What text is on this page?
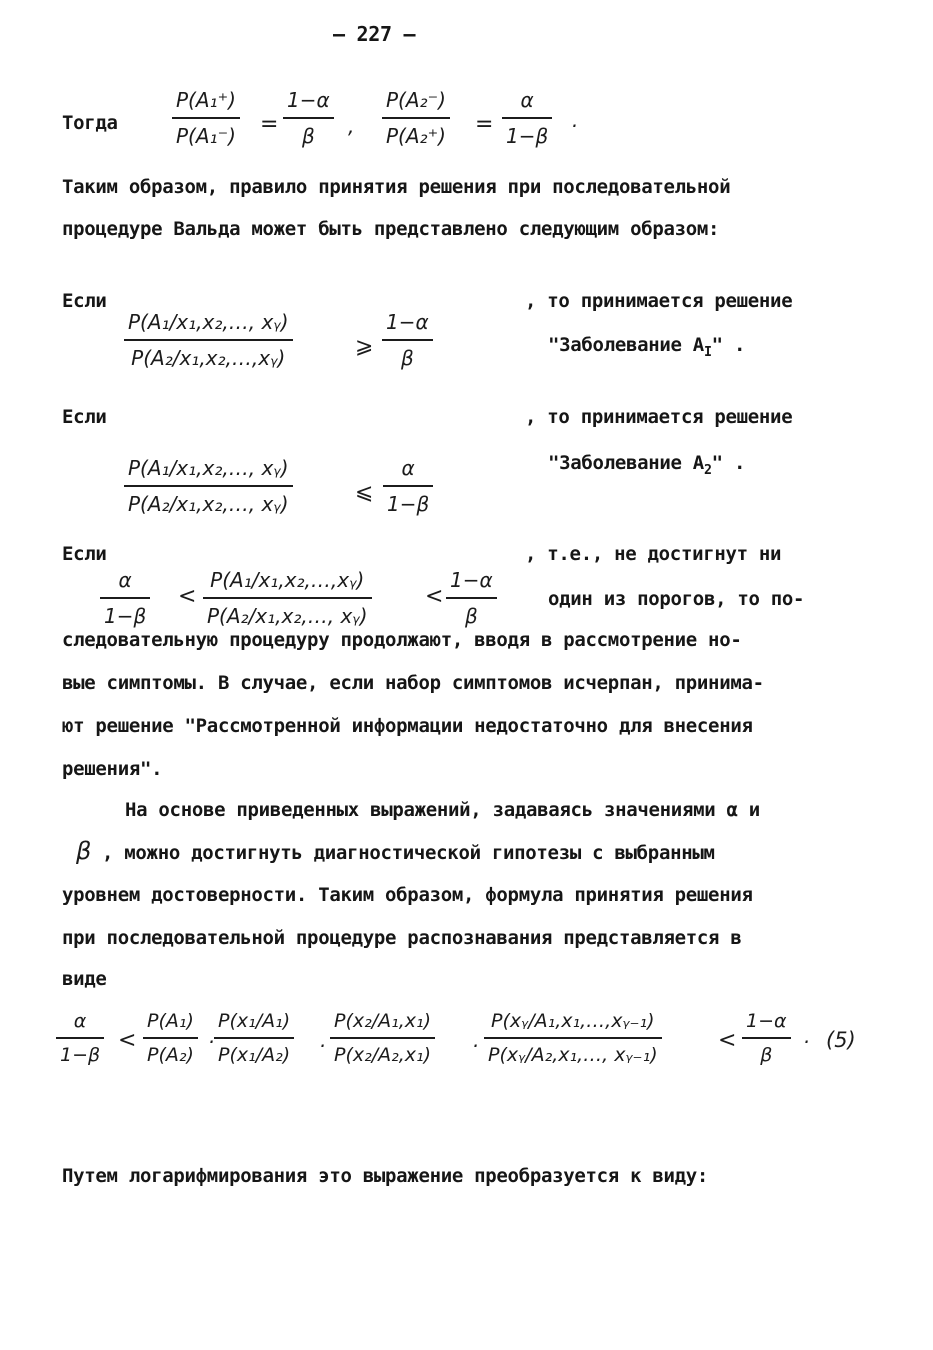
– 227 –
Тогда
P(A₁⁺)
P(A₁⁻) =
1−α
β ,
P(A₂⁻)
P(A₂⁺) =
α
1−β
.
Таким образом, правило принятия решения при последовательной
процедуре Вальда может быть представлено следующим образом:
Если
P(A₁/x₁,x₂,…, xᵧ)
P(A₂/x₁,x₂,…,xᵧ)	⩾
1−α
β
, то принимается решение
"Заболевание $A_I$" .
Если
P(A₁/x₁,x₂,…, xᵧ)
P(A₂/x₁,x₂,…, xᵧ)	⩽
α
1−β
, то принимается решение
"Заболевание $A_2$" .
Если
α
1−β
<
P(A₁/x₁,x₂,…,xᵧ)
P(A₂/x₁,x₂,…, xᵧ)
<
1−α
β
, т.е., не достигнут ни
один из порогов, то по-
следовательную процедуру продолжают, вводя в рассмотрение но-
вые симптомы. В случае, если набор симптомов исчерпан, принима-
ют решение "Рассмотренной информации недостаточно для внесения
решения".
На основе приведенных выражений, задаваясь значениями α и
β , можно достигнуть диагностической гипотезы с выбранным
уровнем достоверности. Таким образом, формула принятия решения
при последовательной процедуре распознавания представляется в
виде
α
1−β
<
P(A₁)
P(A₂)
·
P(x₁/A₁)
P(x₁/A₂) ·
P(x₂/A₁,x₁)
P(x₂/A₂,x₁) ·
P(xᵧ/A₁,x₁,…,xᵧ₋₁)
P(xᵧ/A₂,x₁,…, xᵧ₋₁)
<
1−α
β
· (5)
Путем логарифмирования это выражение преобразуется к виду:
